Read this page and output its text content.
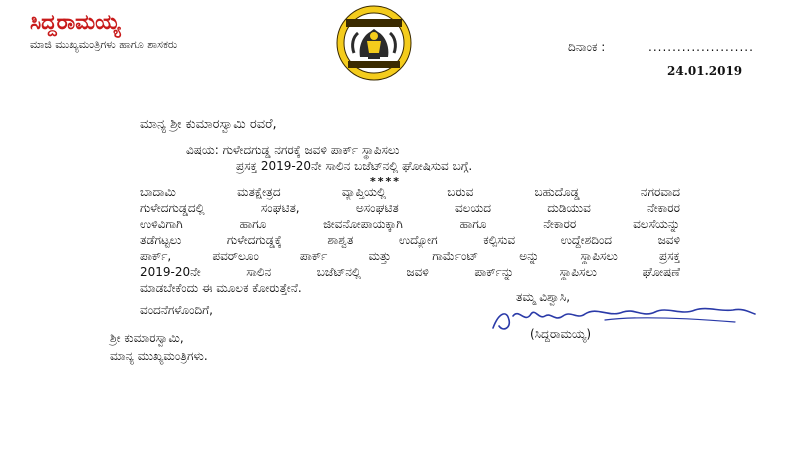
ಸಿದ್ದರಾಮಯ್ಯ
ಮಾಜಿ ಮುಖ್ಯಮಂತ್ರಿಗಳು ಹಾಗೂ ಶಾಸಕರು	ದಿನಾಂಕ :	......................
24.01.2019
ಮಾನ್ಯ ಶ್ರೀ ಕುಮಾರಸ್ವಾಮಿ ರವರೆ,
ವಿಷಯ: ಗುಳೇದಗುಡ್ಡ ನಗರಕ್ಕೆ ಜವಳಿ ಪಾರ್ಕ್ ಸ್ಥಾಪಿಸಲು
ಪ್ರಸಕ್ತ 2019-20ನೇ ಸಾಲಿನ ಬಜೆಟ್‌ನಲ್ಲಿ ಘೋಷಿಸುವ ಬಗ್ಗೆ.
****
ಬಾದಾಮಿ ಮತಕ್ಷೇತ್ರದ ವ್ಯಾಪ್ತಿಯಲ್ಲಿ ಬರುವ ಬಹುದೊಡ್ಡ ನಗರವಾದ
ಗುಳೇದಗುಡ್ಡದಲ್ಲಿ ಸಂಘಟಿತ, ಅಸಂಘಟಿತ ವಲಯದ ದುಡಿಯುವ ನೇಕಾರರ
ಉಳಿವಿಗಾಗಿ ಹಾಗೂ ಜೀವನೋಪಾಯಕ್ಕಾಗಿ ಹಾಗೂ ನೇಕಾರರ ವಲಸೆಯನ್ನು
ತಡೆಗಟ್ಟಲು ಗುಳೇದಗುಡ್ಡಕ್ಕೆ ಶಾಶ್ವತ ಉದ್ಯೋಗ ಕಲ್ಪಿಸುವ ಉದ್ದೇಶದಿಂದ ಜವಳಿ
ಪಾರ್ಕ್, ಪವರ್‌ಲೂಂ ಪಾರ್ಕ್ ಮತ್ತು ಗಾರ್ಮೆಂಟ್ ಅನ್ನು ಸ್ಥಾಪಿಸಲು ಪ್ರಸಕ್ತ
2019-20ನೇ ಸಾಲಿನ ಬಜೆಟ್‌ನಲ್ಲಿ ಜವಳಿ ಪಾರ್ಕ್‌ನ್ನು ಸ್ಥಾಪಿಸಲು ಘೋಷಣೆ
ಮಾಡಬೇಕೆಂದು ಈ ಮೂಲಕ ಕೋರುತ್ತೇನೆ.
ವಂದನೆಗಳೊಂದಿಗೆ,
ತಮ್ಮ ವಿಶ್ವಾಸಿ,
(ಸಿದ್ದರಾಮಯ್ಯ)
ಶ್ರೀ ಕುಮಾರಸ್ವಾಮಿ,
ಮಾನ್ಯ ಮುಖ್ಯಮಂತ್ರಿಗಳು.
